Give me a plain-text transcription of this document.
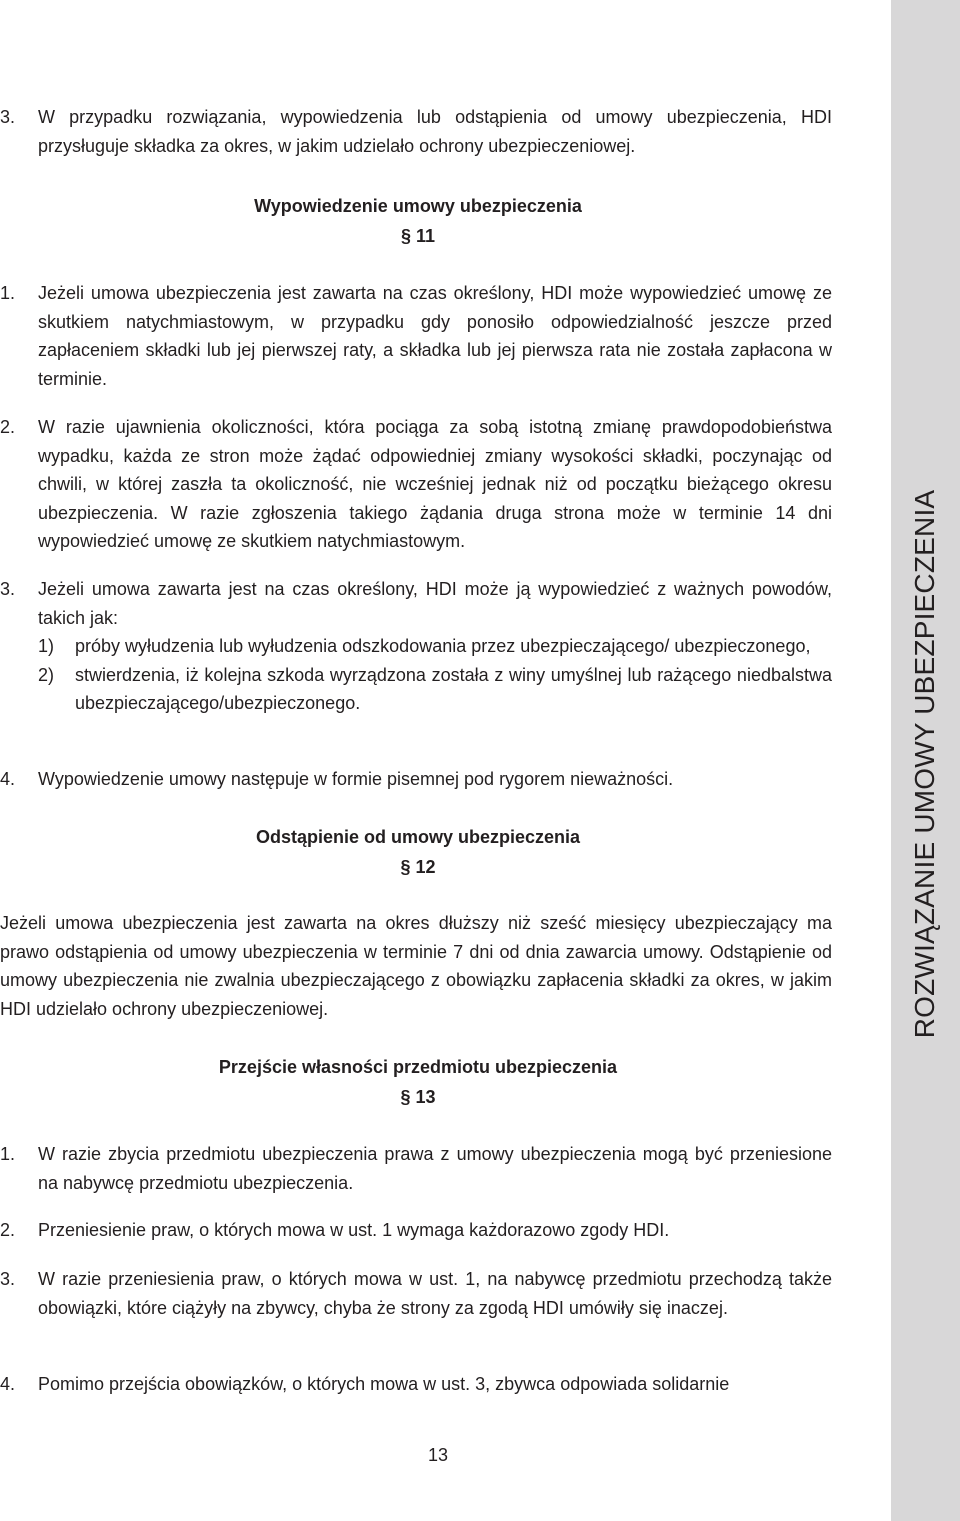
ROZWIĄZANIE UMOWY UBEZPIECZENIA
3. W przypadku rozwiązania, wypowiedzenia lub odstąpienia od umowy ubezpieczenia, HDI przysługuje składka za okres, w jakim udzielało ochrony ubezpieczeniowej.
Wypowiedzenie umowy ubezpieczenia
§ 11
1. Jeżeli umowa ubezpieczenia jest zawarta na czas określony, HDI może wypowiedzieć umowę ze skutkiem natychmiastowym, w przypadku gdy ponosiło odpowiedzialność jeszcze przed zapłaceniem składki lub jej pierwszej raty, a składka lub jej pierwsza rata nie została zapłacona w terminie.
2. W razie ujawnienia okoliczności, która pociąga za sobą istotną zmianę prawdopodobieństwa wypadku, każda ze stron może żądać odpowiedniej zmiany wysokości składki, poczynając od chwili, w której zaszła ta okoliczność, nie wcześniej jednak niż od początku bieżącego okresu ubezpieczenia. W razie zgłoszenia takiego żądania druga strona może w terminie 14 dni wypowiedzieć umowę ze skutkiem natychmiastowym.
3. Jeżeli umowa zawarta jest na czas określony, HDI może ją wypowiedzieć z ważnych powodów, takich jak:
1) próby wyłudzenia lub wyłudzenia odszkodowania przez ubezpieczającego/ ubezpieczonego,
2) stwierdzenia, iż kolejna szkoda wyrządzona została z winy umyślnej lub rażącego niedbalstwa ubezpieczającego/ubezpieczonego.
4. Wypowiedzenie umowy następuje w formie pisemnej pod rygorem nieważności.
Odstąpienie od umowy ubezpieczenia
§ 12
Jeżeli umowa ubezpieczenia jest zawarta na okres dłuższy niż sześć miesięcy ubezpieczający ma prawo odstąpienia od umowy ubezpieczenia w terminie 7 dni od dnia zawarcia umowy. Odstąpienie od umowy ubezpieczenia nie zwalnia ubezpieczającego z obowiązku zapłacenia składki za okres, w jakim HDI udzielało ochrony ubezpieczeniowej.
Przejście własności przedmiotu ubezpieczenia
§ 13
1. W razie zbycia przedmiotu ubezpieczenia prawa z umowy ubezpieczenia mogą być przeniesione na nabywcę przedmiotu ubezpieczenia.
2. Przeniesienie praw, o których mowa w ust. 1 wymaga każdorazowo zgody HDI.
3. W razie przeniesienia praw, o których mowa w ust. 1, na nabywcę przedmiotu przechodzą także obowiązki, które ciążyły na zbywcy, chyba że strony za zgodą HDI umówiły się inaczej.
4. Pomimo przejścia obowiązków, o których mowa w ust. 3, zbywca odpowiada solidarnie
13
